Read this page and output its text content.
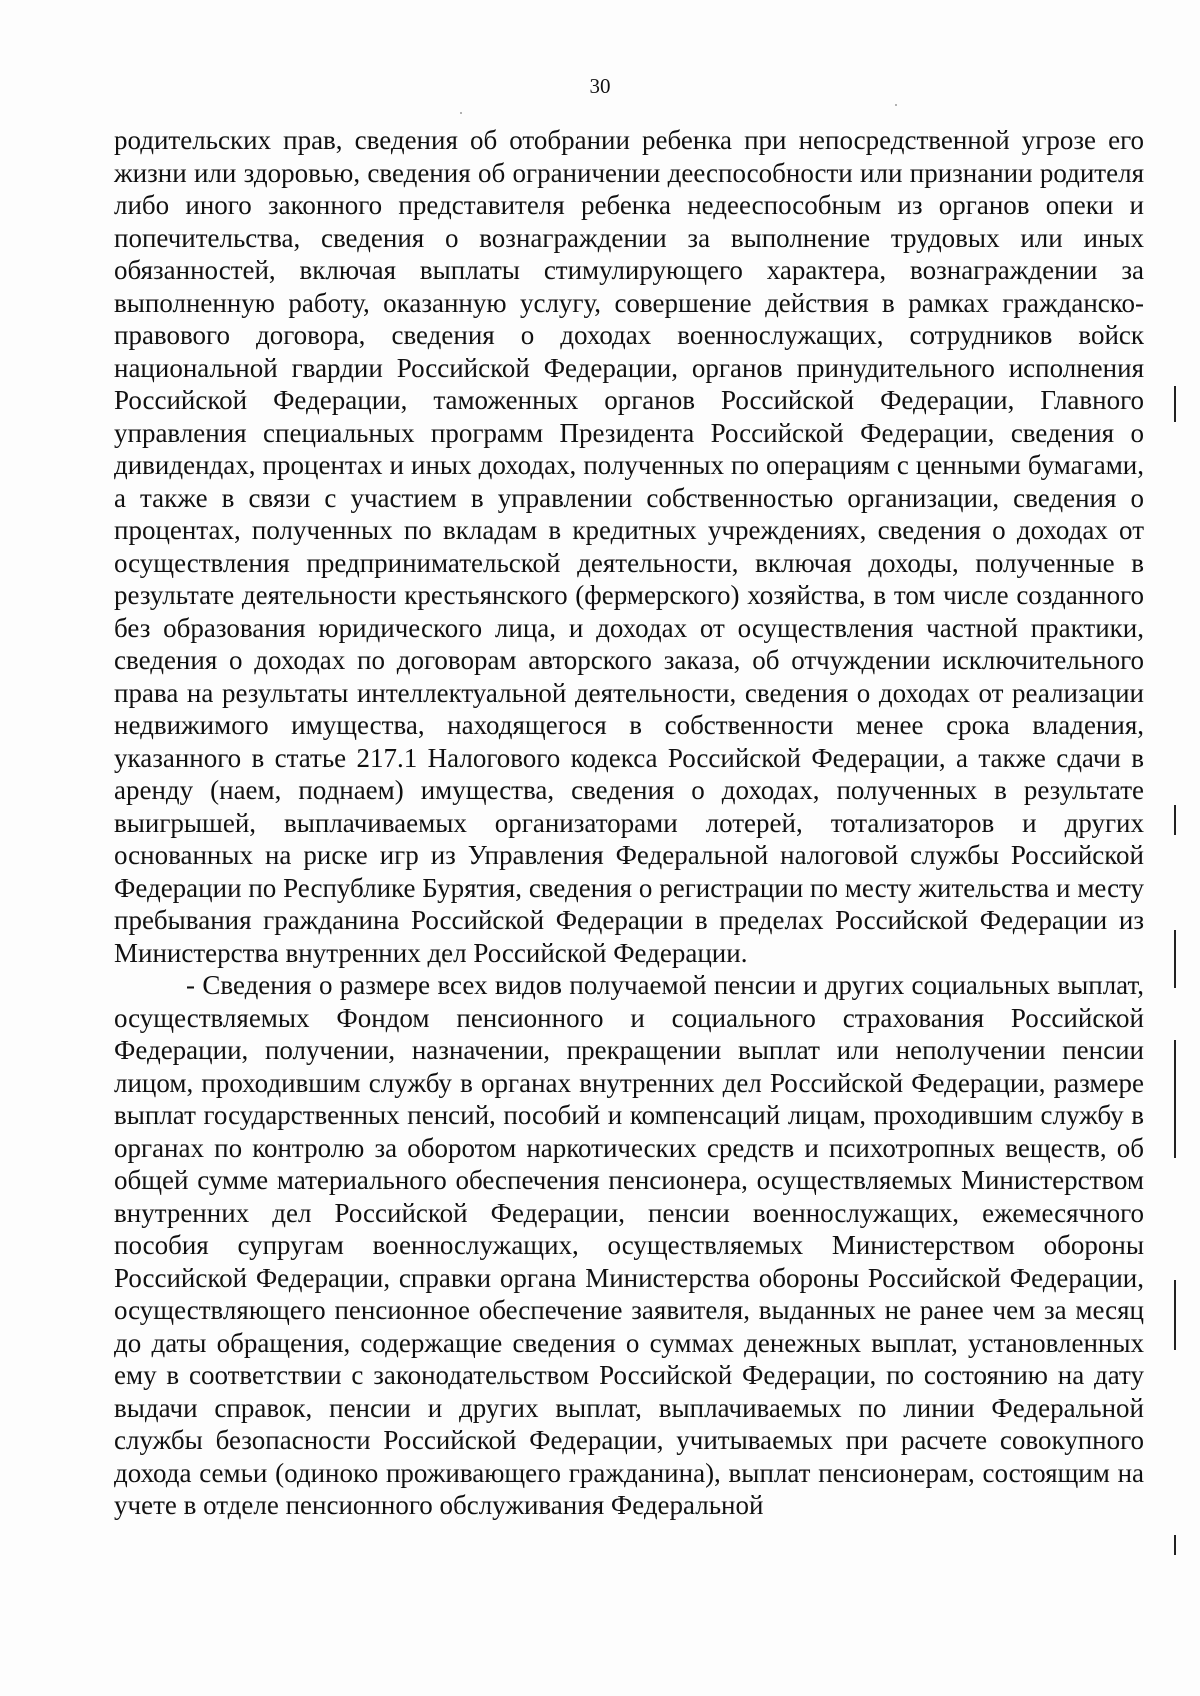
30

родительских прав, сведения об отобрании ребенка при непосредственной угрозе его жизни или здоровью, сведения об ограничении дееспособности или признании родителя либо иного законного представителя ребенка недееспособным из органов опеки и попечительства, сведения о вознаграждении за выполнение трудовых или иных обязанностей, включая выплаты стимулирующего характера, вознаграждении за выполненную работу, оказанную услугу, совершение действия в рамках гражданско-правового договора, сведения о доходах военнослужащих, сотрудников войск национальной гвардии Российской Федерации, органов принудительного исполнения Российской Федерации, таможенных органов Российской Федерации, Главного управления специальных программ Президента Российской Федерации, сведения о дивидендах, процентах и иных доходах, полученных по операциям с ценными бумагами, а также в связи с участием в управлении собственностью организации, сведения о процентах, полученных по вкладам в кредитных учреждениях, сведения о доходах от осуществления предпринимательской деятельности, включая доходы, полученные в результате деятельности крестьянского (фермерского) хозяйства, в том числе созданного без образования юридического лица, и доходах от осуществления частной практики, сведения о доходах по договорам авторского заказа, об отчуждении исключительного права на результаты интеллектуальной деятельности, сведения о доходах от реализации недвижимого имущества, находящегося в собственности менее срока владения, указанного в статье 217.1 Налогового кодекса Российской Федерации, а также сдачи в аренду (наем, поднаем) имущества, сведения о доходах, полученных в результате выигрышей, выплачиваемых организаторами лотерей, тотализаторов и других основанных на риске игр из Управления Федеральной налоговой службы Российской Федерации по Республике Бурятия, сведения о регистрации по месту жительства и месту пребывания гражданина Российской Федерации в пределах Российской Федерации из Министерства внутренних дел Российской Федерации.

- Сведения о размере всех видов получаемой пенсии и других социальных выплат, осуществляемых Фондом пенсионного и социального страхования Российской Федерации, получении, назначении, прекращении выплат или неполучении пенсии лицом, проходившим службу в органах внутренних дел Российской Федерации, размере выплат государственных пенсий, пособий и компенсаций лицам, проходившим службу в органах по контролю за оборотом наркотических средств и психотропных веществ, об общей сумме материального обеспечения пенсионера, осуществляемых Министерством внутренних дел Российской Федерации, пенсии военнослужащих, ежемесячного пособия супругам военнослужащих, осуществляемых Министерством обороны Российской Федерации, справки органа Министерства обороны Российской Федерации, осуществляющего пенсионное обеспечение заявителя, выданных не ранее чем за месяц до даты обращения, содержащие сведения о суммах денежных выплат, установленных ему в соответствии с законодательством Российской Федерации, по состоянию на дату выдачи справок, пенсии и других выплат, выплачиваемых по линии Федеральной службы безопасности Российской Федерации, учитываемых при расчете совокупного дохода семьи (одиноко проживающего гражданина), выплат пенсионерам, состоящим на учете в отделе пенсионного обслуживания Федеральной
